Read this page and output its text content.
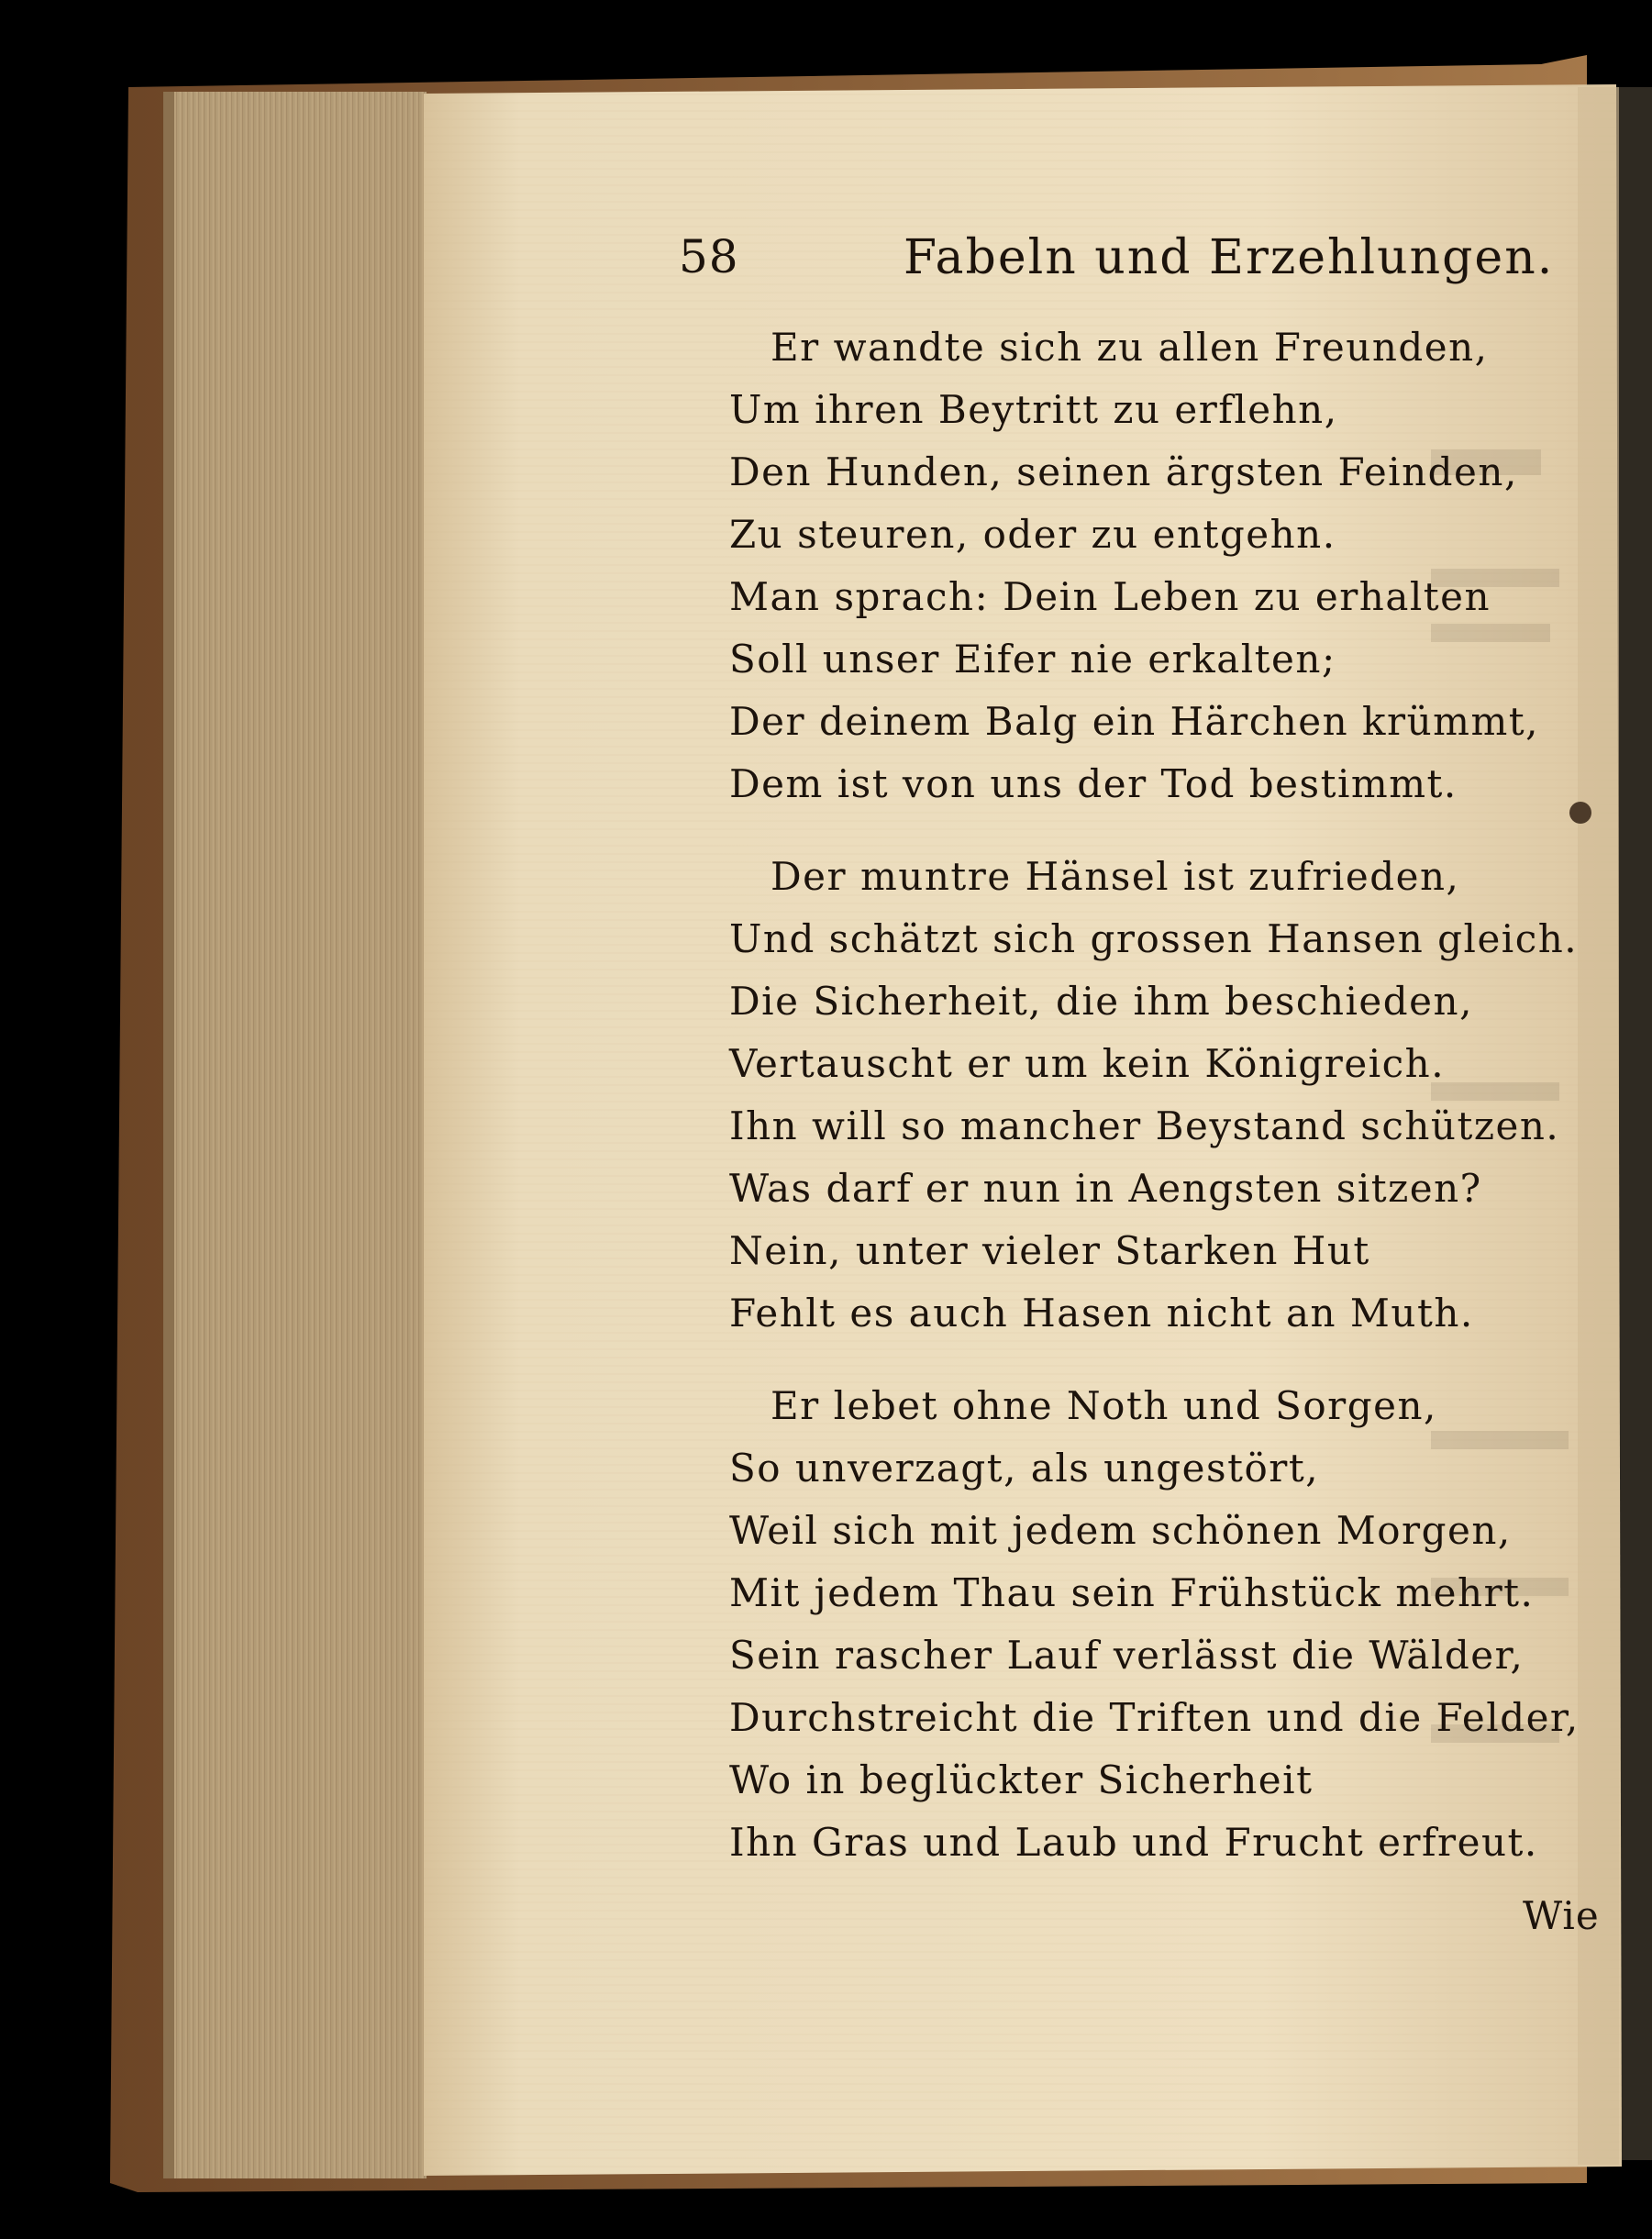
58	Fabeln und Erzehlungen.
Er wandte sich zu allen Freunden,
Um ihren Beytritt zu erflehn,
Den Hunden, seinen ärgsten Feinden,
Zu steuren, oder zu entgehn.
Man sprach: Dein Leben zu erhalten
Soll unser Eifer nie erkalten;
Der deinem Balg ein Härchen krümmt,
Dem ist von uns der Tod bestimmt.
Der muntre Hänsel ist zufrieden,
Und schätzt sich grossen Hansen gleich.
Die Sicherheit, die ihm beschieden,
Vertauscht er um kein Königreich.
Ihn will so mancher Beystand schützen.
Was darf er nun in Aengsten sitzen?
Nein, unter vieler Starken Hut
Fehlt es auch Hasen nicht an Muth.
Er lebet ohne Noth und Sorgen,
So unverzagt, als ungestört,
Weil sich mit jedem schönen Morgen,
Mit jedem Thau sein Frühstück mehrt.
Sein rascher Lauf verlässt die Wälder,
Durchstreicht die Triften und die Felder,
Wo in beglückter Sicherheit
Ihn Gras und Laub und Frucht erfreut.
Wie
